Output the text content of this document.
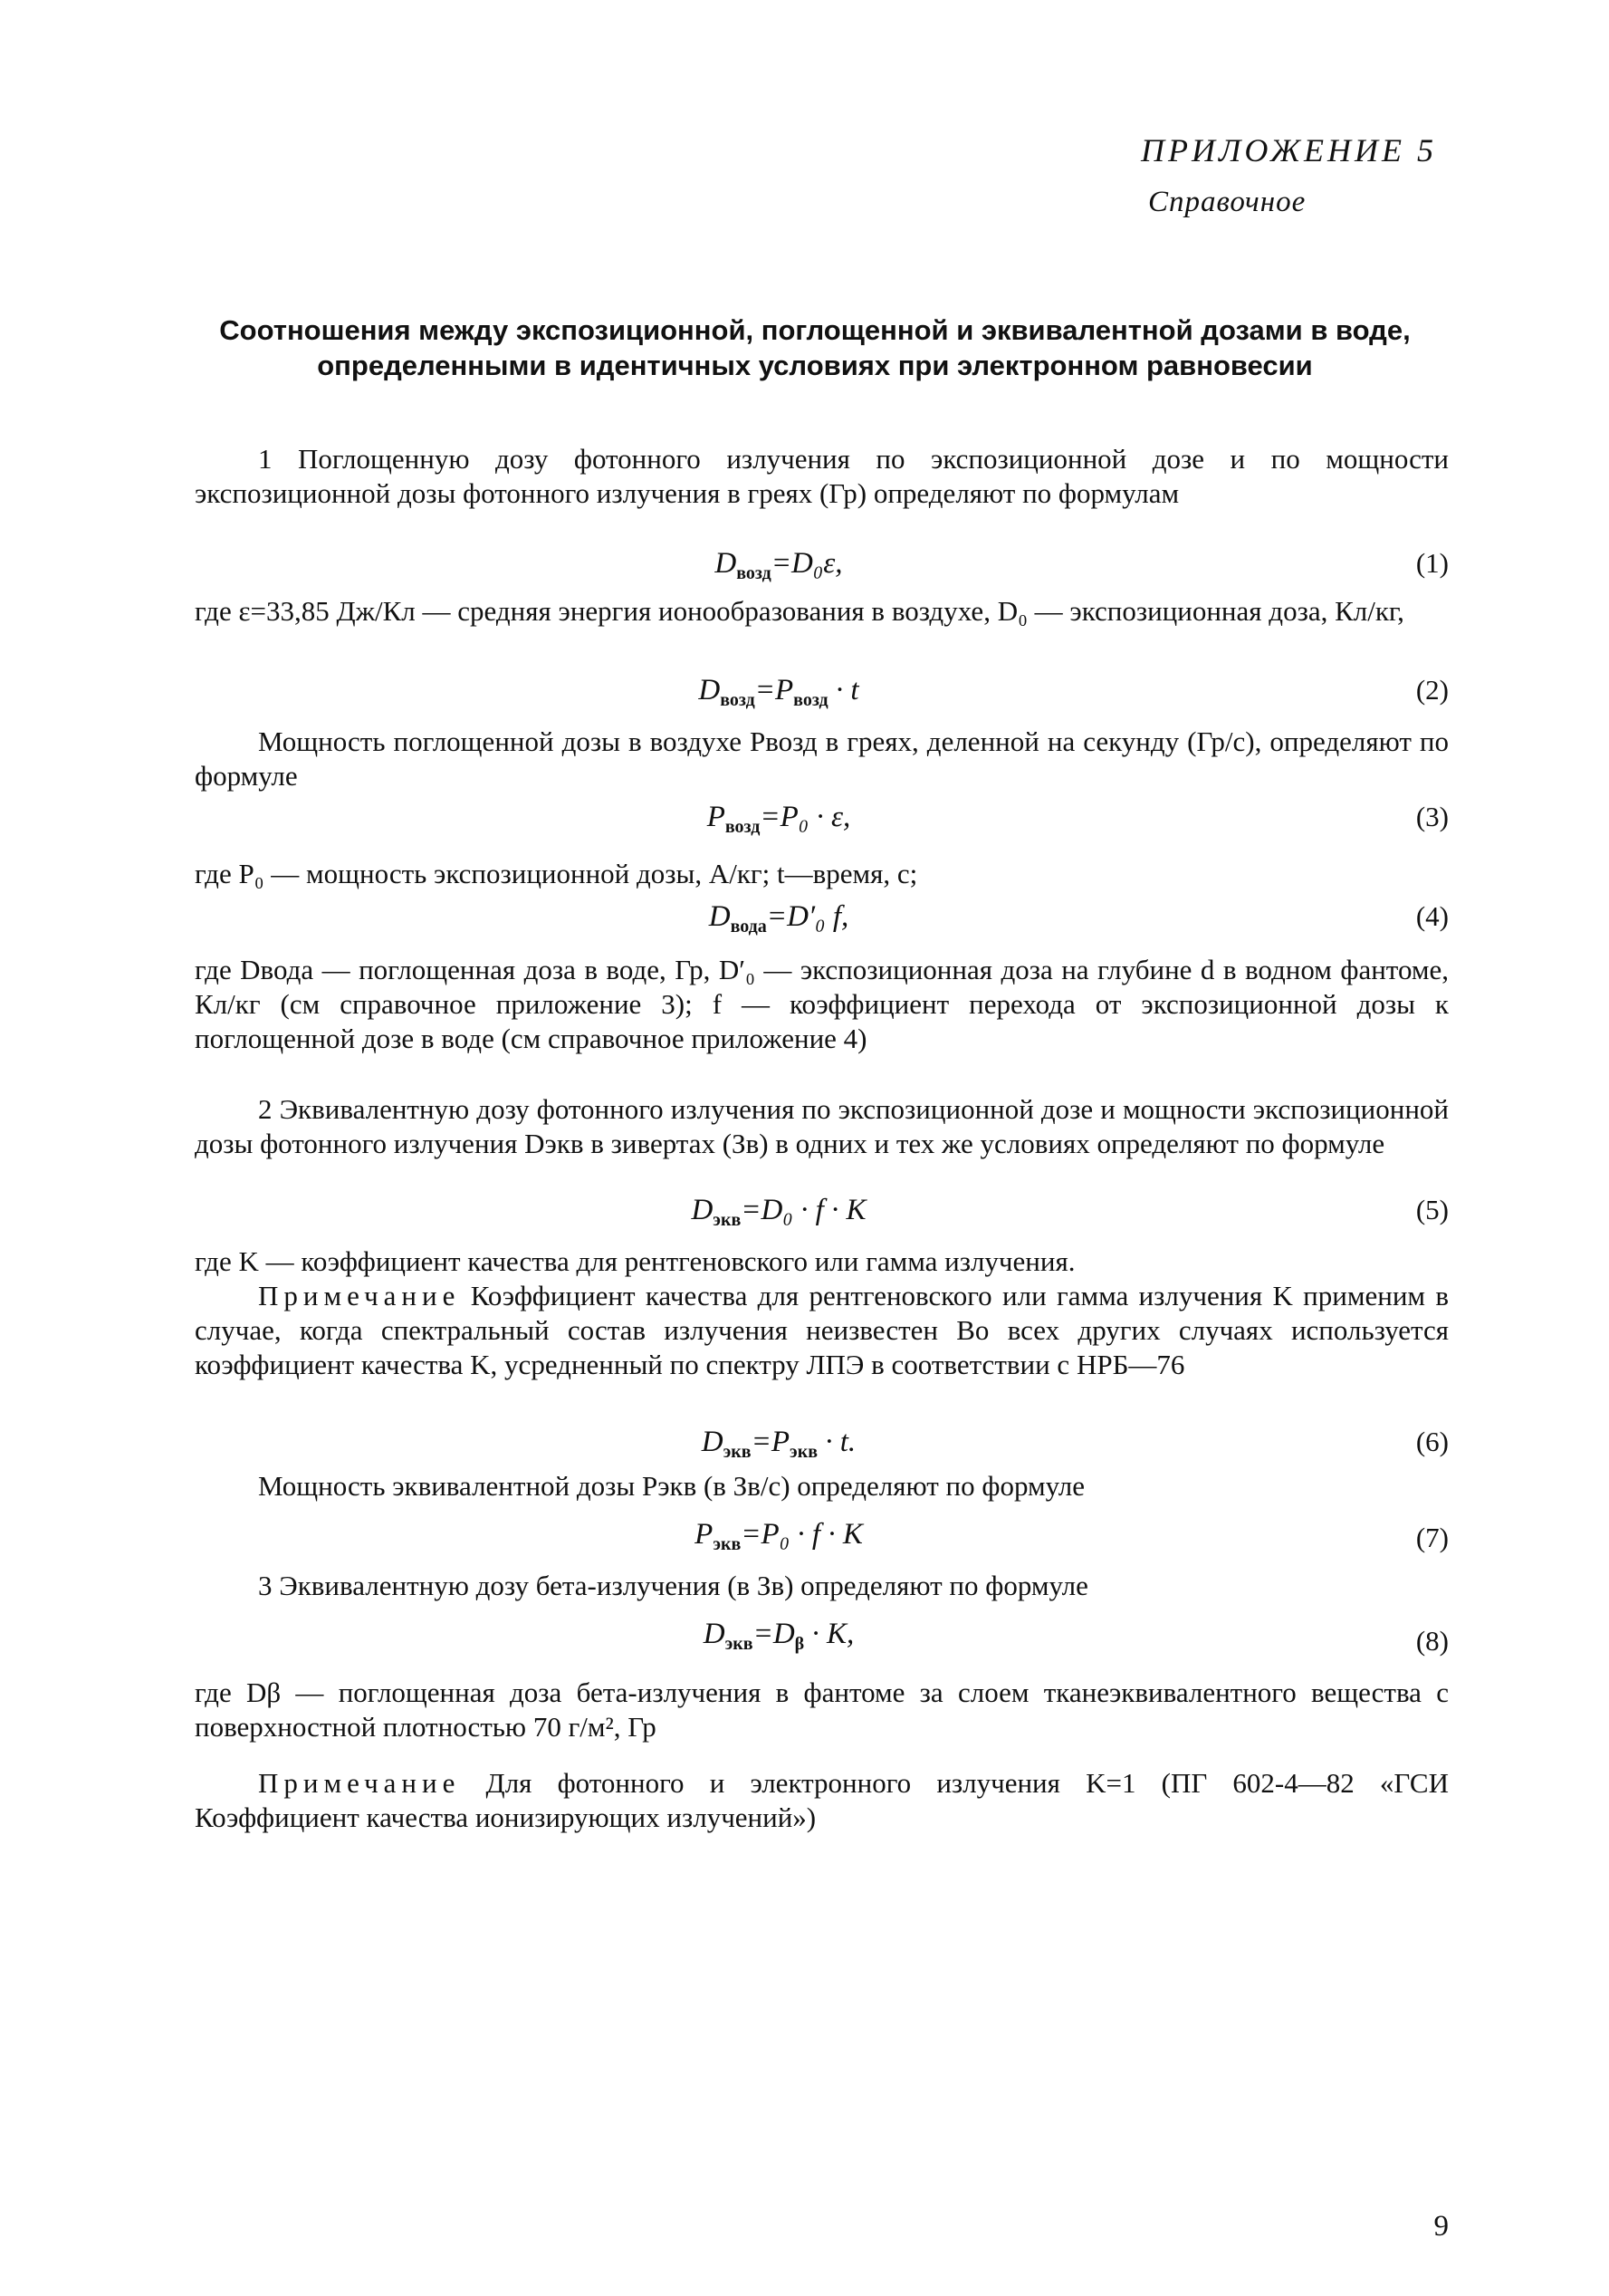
ПРИЛОЖЕНИЕ 5
Справочное
Соотношения между экспозиционной, поглощенной и эквивалентной дозами в воде, определенными в идентичных условиях при электронном равновесии
1 Поглощенную дозу фотонного излучения по экспозиционной дозе и по мощности экспозиционной дозы фотонного излучения в греях (Гр) определяют по формулам
$D_{возд}=D_0\varepsilon$,	(1)
где ε=33,85 Дж/Кл — средняя энергия ионообразования в воздухе, D₀ — экспозиционная доза, Кл/кг,
$D_{возд}=P_{возд} \cdot t$	(2)
Мощность поглощенной дозы в воздухе Pвозд в греях, деленной на секунду (Гр/с), определяют по формуле
$P_{возд}=P_0 \cdot \varepsilon$,	(3)
где P₀ — мощность экспозиционной дозы, А/кг; t—время, с;
$D_{вода}=D'_0$ f,	(4)
где Dвода — поглощенная доза в воде, Гр, D′₀ — экспозиционная доза на глубине d в водном фантоме, Кл/кг (см справочное приложение 3); f — коэффициент перехода от экспозиционной дозы к поглощенной дозе в воде (см справочное приложение 4)
2 Эквивалентную дозу фотонного излучения по экспозиционной дозе и мощности экспозиционной дозы фотонного излучения Dэкв в зивертах (Зв) в одних и тех же условиях определяют по формуле
$D_{экв}=D_0 \cdot f \cdot K$	(5)
где K — коэффициент качества для рентгеновского или гамма излучения.
Примечание Коэффициент качества для рентгеновского или гамма излучения K применим в случае, когда спектральный состав излучения неизвестен Во всех других случаях используется коэффициент качества K, усредненный по спектру ЛПЭ в соответствии с НРБ—76
$D_{экв}=P_{экв} \cdot t$.	(6)
Мощность эквивалентной дозы Pэкв (в Зв/с) определяют по формуле
$P_{экв}=P_0 \cdot f \cdot K$	(7)
3 Эквивалентную дозу бета-излучения (в Зв) определяют по формуле
$D_{экв}=D_\beta \cdot K$,	(8)
где Dβ — поглощенная доза бета-излучения в фантоме за слоем тканеэквивалентного вещества с поверхностной плотностью 70 г/м², Гр
Примечание Для фотонного и электронного излучения K=1 (ПГ 602-4—82 «ГСИ Коэффициент качества ионизирующих излучений»)
9
